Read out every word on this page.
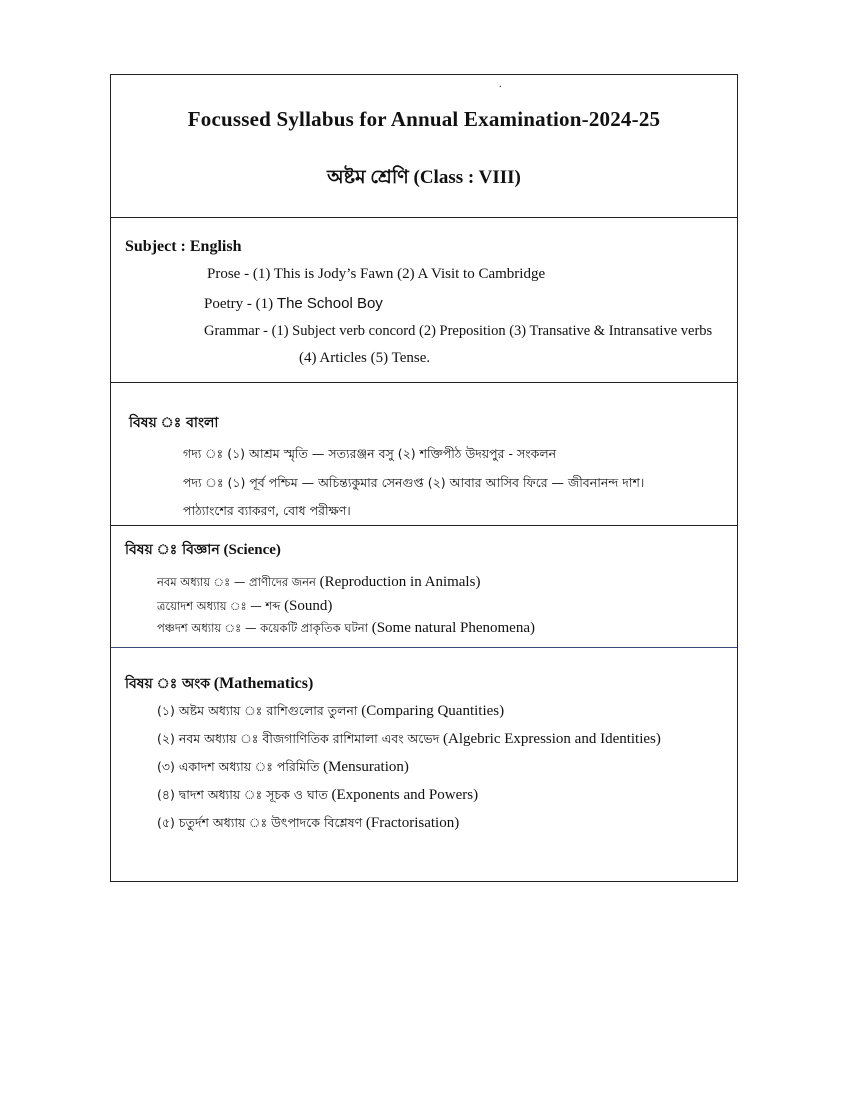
.
Focussed Syllabus for Annual Examination-2024-25
অষ্টম শ্রেণি (Class : VIII)
Subject : English
Prose - (1) This is Jody’s Fawn (2) A Visit to Cambridge
Poetry - (1) The School Boy
Grammar - (1) Subject verb concord (2) Preposition (3) Transative & Intransative verbs
(4) Articles (5) Tense.
বিষয় ঃ বাংলা
গদ্য ঃ (১) আশ্রম স্মৃতি — সত্যরঞ্জন বসু (২) শক্তিপীঠ উদয়পুর - সংকলন
পদ্য ঃ (১) পূর্ব পশ্চিম — অচিন্ত্যকুমার সেনগুপ্ত (২) আবার আসিব ফিরে — জীবনানন্দ দাশ।
পাঠ্যাংশের ব্যাকরণ, বোধ পরীক্ষণ।
বিষয় ঃ বিজ্ঞান (Science)
নবম অধ্যায় ঃ — প্রাণীদের জনন (Reproduction in Animals)
ত্রয়োদশ অধ্যায় ঃ — শব্দ (Sound)
পঞ্চদশ অধ্যায় ঃ — কয়েকটি প্রাকৃতিক ঘটনা (Some natural Phenomena)
বিষয় ঃ অংক (Mathematics)
(১) অষ্টম অধ্যায় ঃ রাশিগুলোর তুলনা (Comparing Quantities)
(২) নবম অধ্যায় ঃ বীজগাণিতিক রাশিমালা এবং অভেদ (Algebric Expression and Identities)
(৩) একাদশ অধ্যায় ঃ পরিমিতি (Mensuration)
(৪) দ্বাদশ অধ্যায় ঃ সূচক ও ঘাত (Exponents and Powers)
(৫) চতুর্দশ অধ্যায় ঃ উৎপাদকে বিশ্লেষণ (Fractorisation)
